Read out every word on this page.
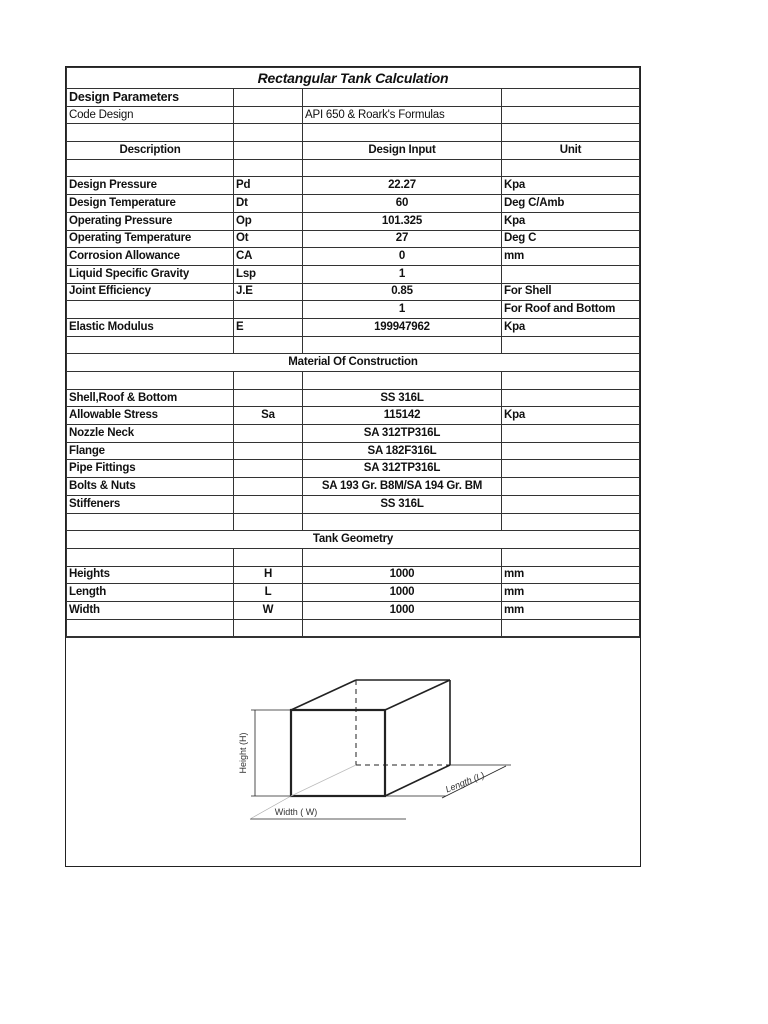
Rectangular Tank Calculation			
Design Parameters			
Code Design		API 650 & Roark's Formulas	

Description		Design Input	Unit

Design Pressure	Pd	22.27	Kpa
Design Temperature	Dt	60	Deg C/Amb
Operating Pressure	Op	101.325	Kpa
Operating Temperature	Ot	27	Deg C
Corrosion Allowance	CA	0	mm
Liquid Specific Gravity	Lsp	1	
Joint Efficiency	J.E	0.85	For Shell
		1	For Roof and Bottom
Elastic Modulus	E	199947962	Kpa

Material Of Construction			

Shell,Roof & Bottom		SS 316L	
Allowable Stress	Sa	115142	Kpa
Nozzle Neck		SA 312TP316L	
Flange		SA 182F316L	
Pipe Fittings		SA 312TP316L	
Bolts & Nuts		SA 193 Gr. B8M/SA 194 Gr. BM	
Stiffeners		SS 316L	

Tank Geometry			

Heights	H	1000	mm
Length	L	1000	mm
Width	W	1000	mm

Height (H)
Width ( W)
Length (L)
